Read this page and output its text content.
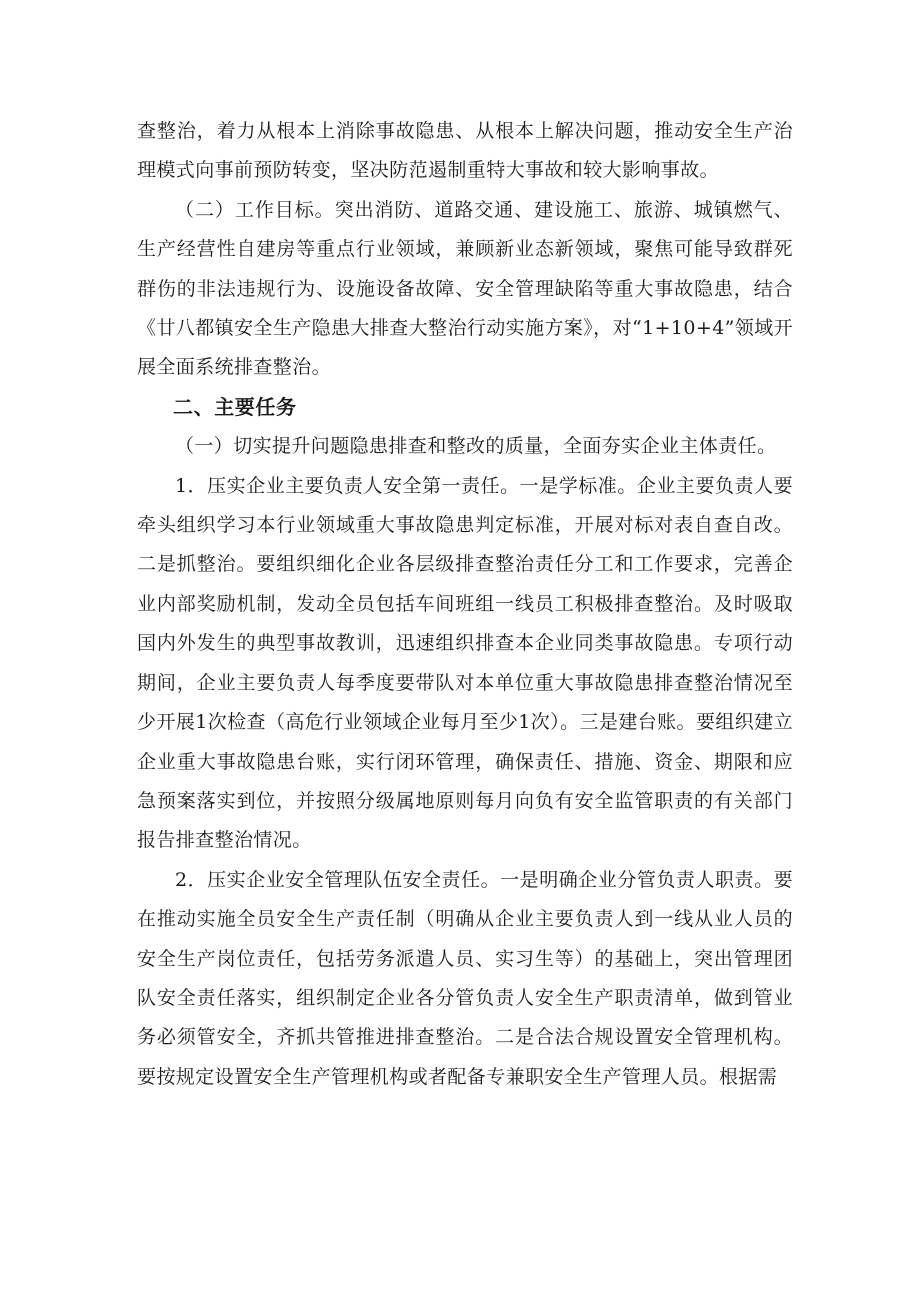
查整治，着力从根本上消除事故隐患、从根本上解决问题，推动安全生产治理模式向事前预防转变，坚决防范遏制重特大事故和较大影响事故。

（二）工作目标。突出消防、道路交通、建设施工、旅游、城镇燃气、生产经营性自建房等重点行业领域，兼顾新业态新领域，聚焦可能导致群死群伤的非法违规行为、设施设备故障、安全管理缺陷等重大事故隐患，结合《廿八都镇安全生产隐患大排查大整治行动实施方案》，对“1+10+4”领域开展全面系统排查整治。

二、主要任务

（一）切实提升问题隐患排查和整改的质量，全面夯实企业主体责任。

1．压实企业主要负责人安全第一责任。一是学标准。企业主要负责人要牵头组织学习本行业领域重大事故隐患判定标准，开展对标对表自查自改。二是抓整治。要组织细化企业各层级排查整治责任分工和工作要求，完善企业内部奖励机制，发动全员包括车间班组一线员工积极排查整治。及时吸取国内外发生的典型事故教训，迅速组织排查本企业同类事故隐患。专项行动期间，企业主要负责人每季度要带队对本单位重大事故隐患排查整治情况至少开展1次检查（高危行业领域企业每月至少1次）。三是建台账。要组织建立企业重大事故隐患台账，实行闭环管理，确保责任、措施、资金、期限和应急预案落实到位，并按照分级属地原则每月向负有安全监管职责的有关部门报告排查整治情况。

2．压实企业安全管理队伍安全责任。一是明确企业分管负责人职责。要在推动实施全员安全生产责任制（明确从企业主要负责人到一线从业人员的安全生产岗位责任，包括劳务派遣人员、实习生等）的基础上，突出管理团队安全责任落实，组织制定企业各分管负责人安全生产职责清单，做到管业务必须管安全，齐抓共管推进排查整治。二是合法合规设置安全管理机构。要按规定设置安全生产管理机构或者配备专兼职安全生产管理人员。根据需
